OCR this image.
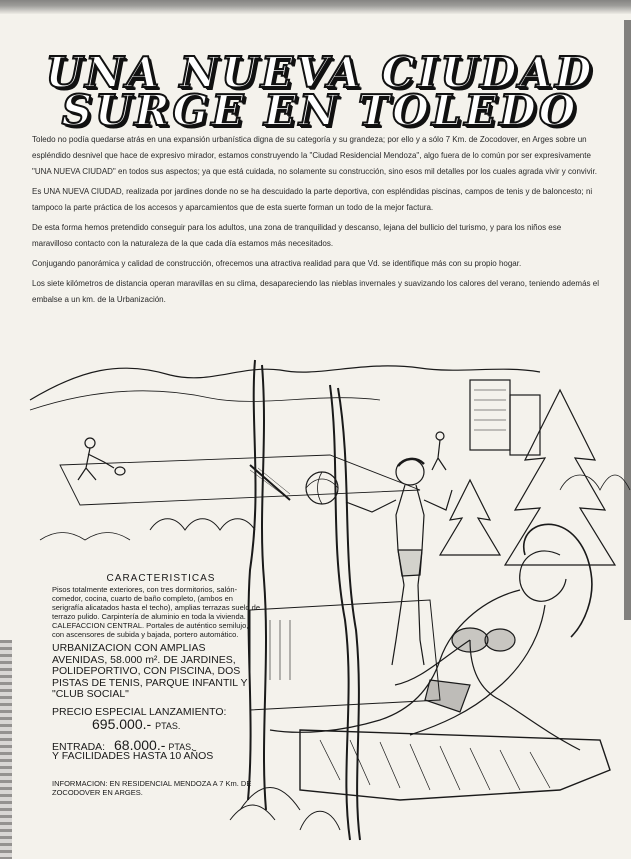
UNA NUEVA CIUDAD
SURGE EN TOLEDO

Toledo no podía quedarse atrás en una expansión urbanística digna de su categoría y su grandeza; por ello y a sólo 7 Km. de Zocodover, en Arges sobre un espléndido desnivel que hace de expresivo mirador, estamos construyendo la "Ciudad Residencial Mendoza", algo fuera de lo común por ser expresivamente "UNA NUEVA CIUDAD" en todos sus aspectos; ya que está cuidada, no solamente su construcción, sino esos mil detalles por los cuales agrada vivir y convivir.

Es UNA NUEVA CIUDAD, realizada por jardines donde no se ha descuidado la parte deportiva, con espléndidas piscinas, campos de tenis y de baloncesto; ni tampoco la parte práctica de los accesos y aparcamientos que de esta suerte forman un todo de la mejor factura.

De esta forma hemos pretendido conseguir para los adultos, una zona de tranquilidad y descanso, lejana del bullicio del turismo, y para los niños ese maravilloso contacto con la naturaleza de la que cada día estamos más necesitados.

Conjugando panorámica y calidad de construcción, ofrecemos una atractiva realidad para que Vd. se identifique más con su propio hogar.

Los siete kilómetros de distancia operan maravillas en su clima, desapareciendo las nieblas invernales y suavizando los calores del verano, teniendo además el embalse a un km. de la Urbanización.

CARACTERISTICAS
Pisos totalmente exteriores, con tres dormitorios, salón-comedor, cocina, cuarto de baño completo, (ambos en serigrafía alicatados hasta el techo), amplias terrazas suelo de terrazo pulido. Carpintería de aluminio en toda la vivienda. CALEFACCION CENTRAL. Portales de auténtico semilujo, con ascensores de subida y bajada, portero automático.
URBANIZACION CON AMPLIAS AVENIDAS, 58.000 m². DE JARDINES, POLIDEPORTIVO, CON PISCINA, DOS PISTAS DE TENIS, PARQUE INFANTIL Y "CLUB SOCIAL"
PRECIO ESPECIAL LANZAMIENTO:
695.000.- PTAS.
ENTRADA: 68.000.- PTAS.
Y FACILIDADES HASTA 10 AÑOS
INFORMACION: EN RESIDENCIAL MENDOZA A 7 Km. DE ZOCODOVER EN ARGES.
